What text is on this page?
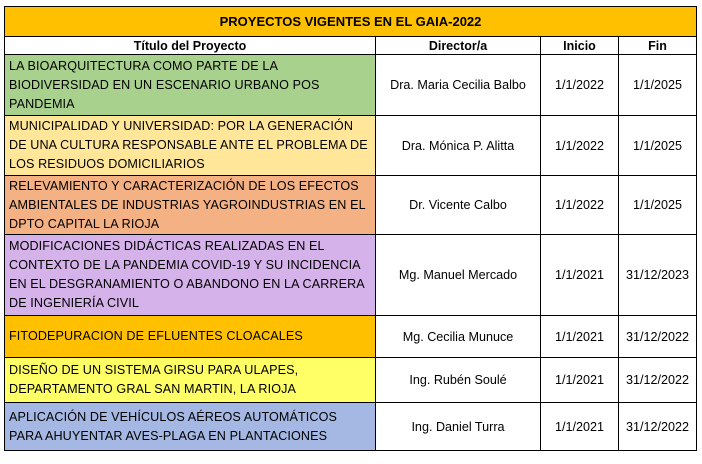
PROYECTOS VIGENTES EN EL GAIA-2022			
Título del Proyecto	Director/a	Inicio	Fin
LA BIOARQUITECTURA COMO PARTE DE LA BIODIVERSIDAD EN UN ESCENARIO URBANO POS PANDEMIA	Dra. Maria Cecilia Balbo	1/1/2022	1/1/2025
MUNICIPALIDAD Y UNIVERSIDAD: POR LA GENERACIÓN DE UNA CULTURA RESPONSABLE ANTE EL PROBLEMA DE LOS RESIDUOS DOMICILIARIOS	Dra. Mónica P. Alitta	1/1/2022	1/1/2025
RELEVAMIENTO Y CARACTERIZACIÓN DE LOS EFECTOS AMBIENTALES DE INDUSTRIAS YAGROINDUSTRIAS EN EL DPTO CAPITAL LA RIOJA	Dr. Vicente Calbo	1/1/2022	1/1/2025
MODIFICACIONES DIDÁCTICAS REALIZADAS EN EL CONTEXTO DE LA PANDEMIA COVID-19 Y SU INCIDENCIA EN EL DESGRANAMIENTO O ABANDONO EN LA CARRERA DE INGENIERÍA CIVIL	Mg. Manuel Mercado	1/1/2021	31/12/2023
FITODEPURACION DE EFLUENTES CLOACALES	Mg. Cecilia Munuce	1/1/2021	31/12/2022
DISEÑO DE UN SISTEMA GIRSU PARA ULAPES, DEPARTAMENTO GRAL SAN MARTIN, LA RIOJA	Ing. Rubén Soulé	1/1/2021	31/12/2022
APLICACIÓN DE VEHÍCULOS AÉREOS AUTOMÁTICOS PARA AHUYENTAR AVES-PLAGA EN PLANTACIONES	Ing. Daniel Turra	1/1/2021	31/12/2022
